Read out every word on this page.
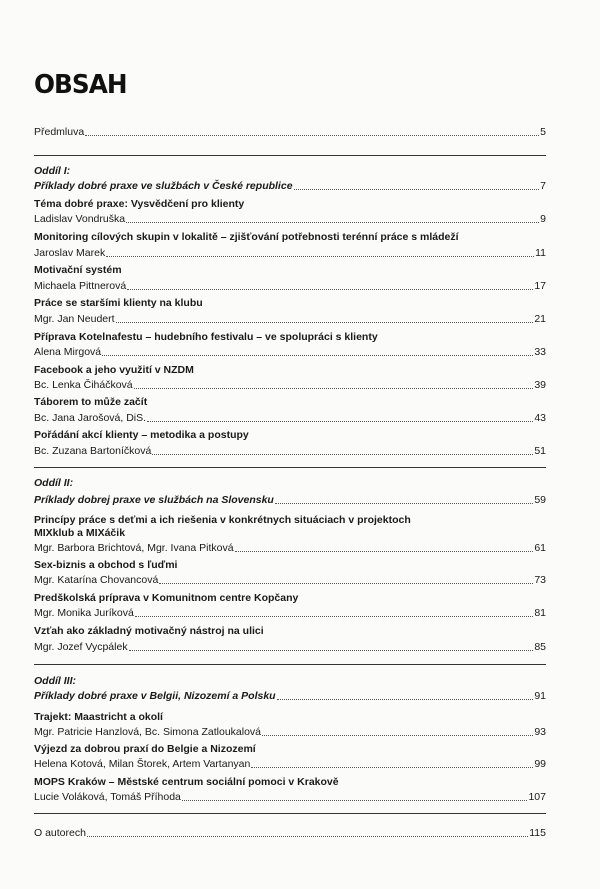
OBSAH
Předmluva	5
Oddíl I:
Příklady dobré praxe ve službách v České republice	7
Téma dobré praxe: Vysvědčení pro klienty
Ladislav Vondruška	9
Monitoring cílových skupin v lokalitě – zjišťování potřebnosti terénní práce s mládeží
Jaroslav Marek	11
Motivační systém
Michaela Pittnerová	17
Práce se staršími klienty na klubu
Mgr. Jan Neudert	21
Příprava Kotelnafestu – hudebního festivalu – ve spolupráci s klienty
Alena Mirgová	33
Facebook a jeho využití v NZDM
Bc. Lenka Čiháčková	39
Táborem to může začít
Bc. Jana Jarošová, DiS.	43
Pořádání akcí klienty – metodika a postupy
Bc. Zuzana Bartoníčková	51
Oddíl II:
Príklady dobrej praxe ve službách na Slovensku	59
Princípy práce s deťmi a ich riešenia v konkrétnych situáciach v projektoch
MIXklub a MIXáčik
Mgr. Barbora Brichtová, Mgr. Ivana Pitková	61
Sex-biznis a obchod s ľuďmi
Mgr. Katarína Chovancová	73
Predškolská príprava v Komunitnom centre Kopčany
Mgr. Monika Juríková	81
Vzťah ako základný motivačný nástroj na ulici
Mgr. Jozef Vycpálek	85
Oddíl III:
Příklady dobré praxe v Belgii, Nizozemí a Polsku	91
Trajekt: Maastricht a okolí
Mgr. Patricie Hanzlová, Bc. Simona Zatloukalová	93
Výjezd za dobrou praxí do Belgie a Nizozemí
Helena Kotová, Milan Štorek, Artem Vartanyan	99
MOPS Kraków – Městské centrum sociální pomoci v Krakově
Lucie Voláková, Tomáš Příhoda	107
O autorech	115
